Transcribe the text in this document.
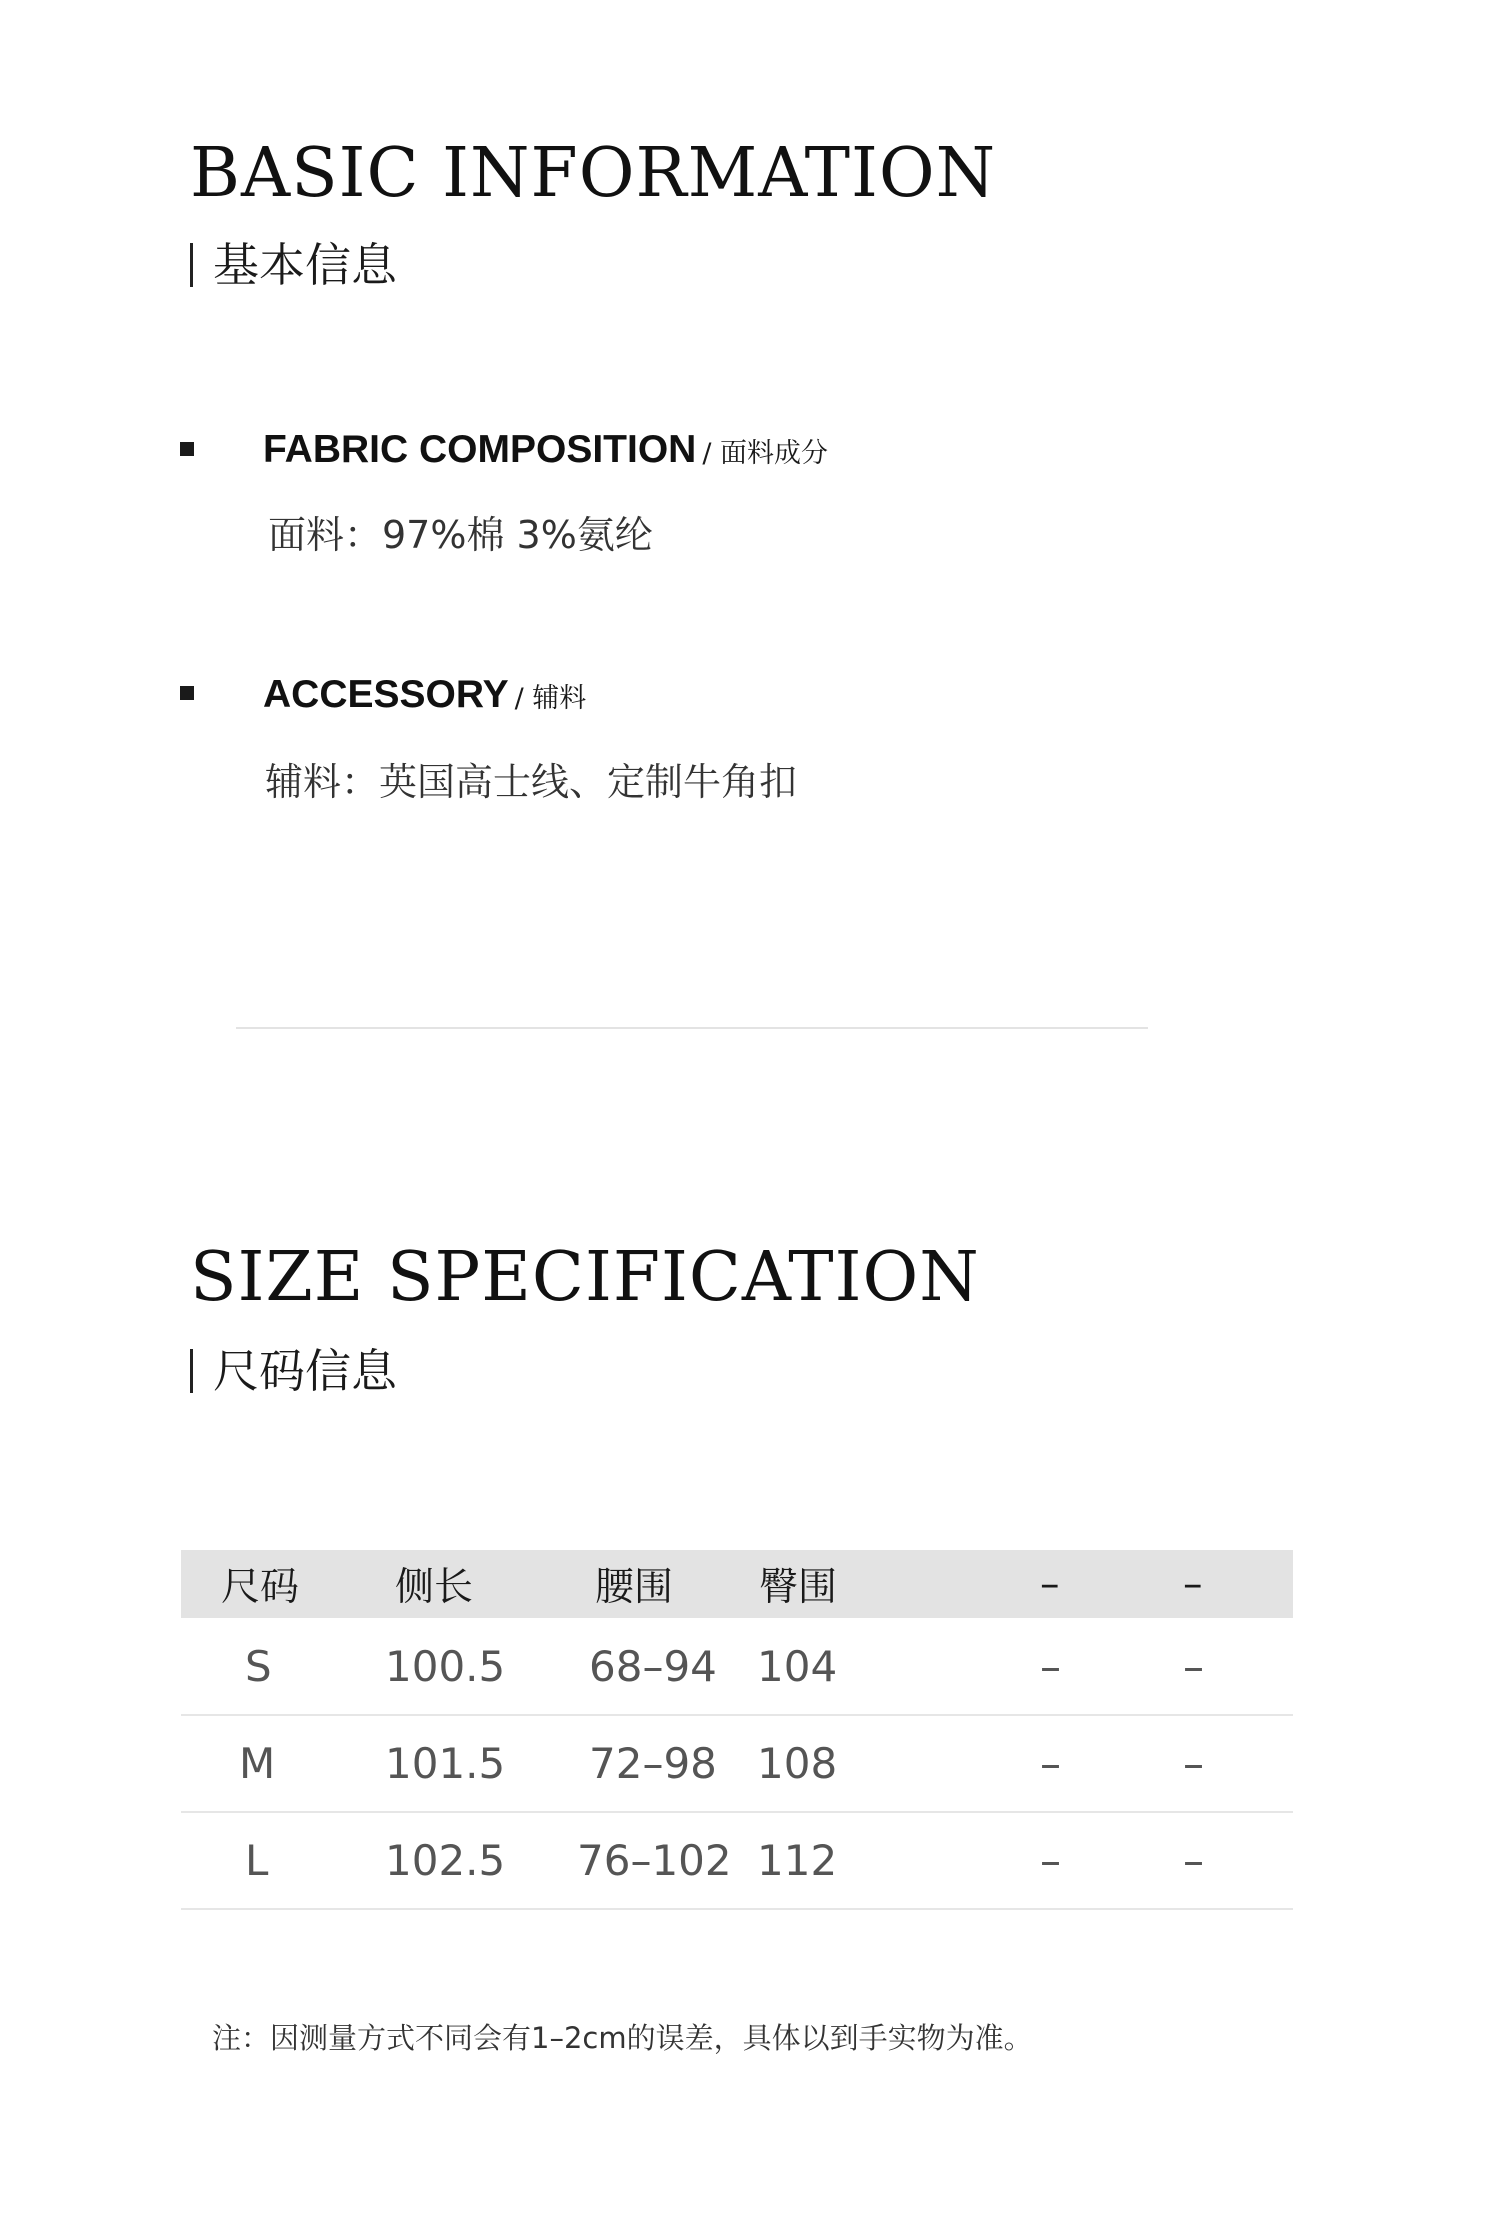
BASIC INFORMATION
基本信息
FABRIC COMPOSITION / 面料成分
面料：97%棉 3%氨纶
ACCESSORY / 辅料
辅料：英国高士线、定制牛角扣
SIZE SPECIFICATION
尺码信息
尺码	侧长	腰围	臀围	–	–
S	100.5	68–94	104	–	–
M	101.5	72–98	108	–	–
L	102.5	76–102	112	–	–
注：因测量方式不同会有1–2cm的误差，具体以到手实物为准。
